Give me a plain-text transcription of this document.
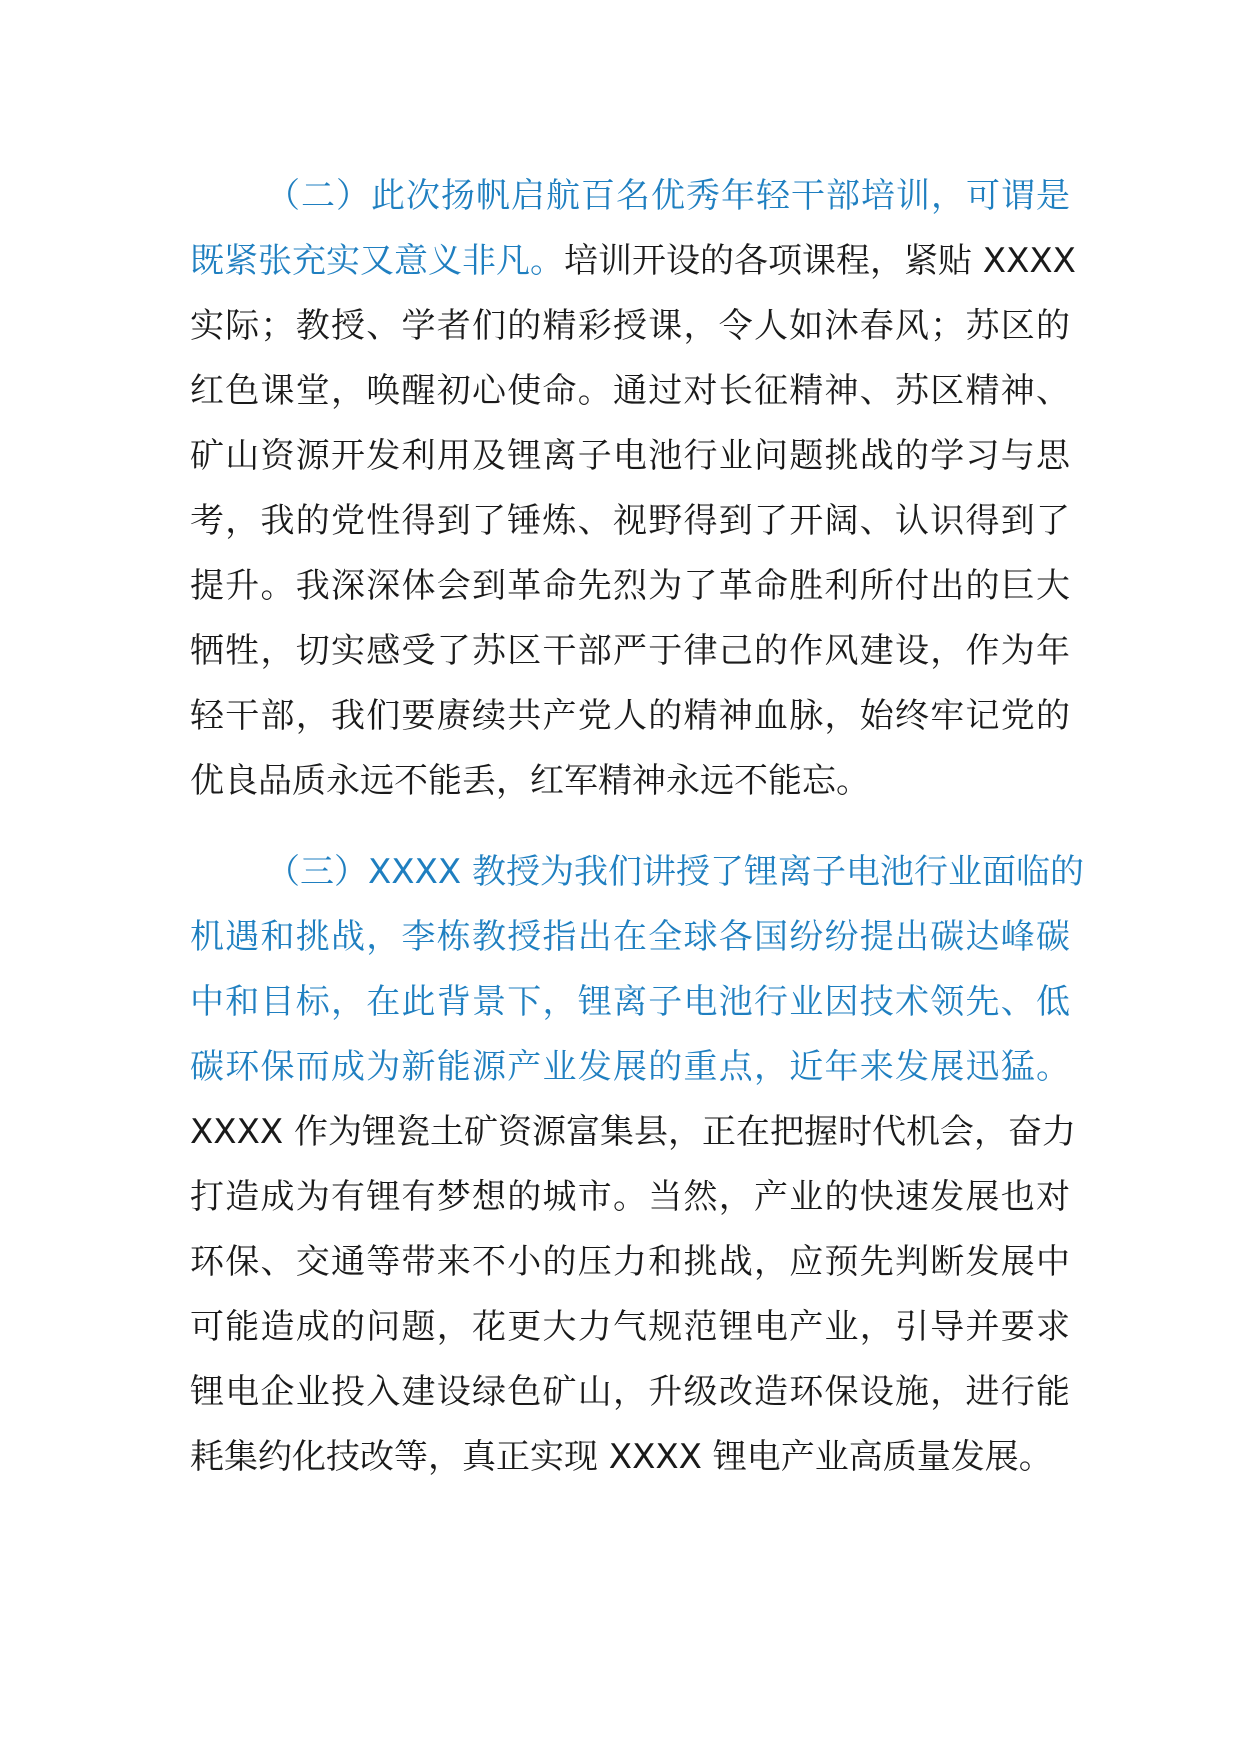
（二）此次扬帆启航百名优秀年轻干部培训，可谓是
既紧张充实又意义非凡。培训开设的各项课程，紧贴 XXXX
实际；教授、学者们的精彩授课，令人如沐春风；苏区的
红色课堂，唤醒初心使命。通过对长征精神、苏区精神、
矿山资源开发利用及锂离子电池行业问题挑战的学习与思
考，我的党性得到了锤炼、视野得到了开阔、认识得到了
提升。我深深体会到革命先烈为了革命胜利所付出的巨大
牺牲，切实感受了苏区干部严于律己的作风建设，作为年
轻干部，我们要赓续共产党人的精神血脉，始终牢记党的
优良品质永远不能丢，红军精神永远不能忘。
（三）XXXX 教授为我们讲授了锂离子电池行业面临的
机遇和挑战，李栋教授指出在全球各国纷纷提出碳达峰碳
中和目标，在此背景下，锂离子电池行业因技术领先、低
碳环保而成为新能源产业发展的重点，近年来发展迅猛。
XXXX 作为锂瓷土矿资源富集县，正在把握时代机会，奋力
打造成为有锂有梦想的城市。当然，产业的快速发展也对
环保、交通等带来不小的压力和挑战，应预先判断发展中
可能造成的问题，花更大力气规范锂电产业，引导并要求
锂电企业投入建设绿色矿山，升级改造环保设施，进行能
耗集约化技改等，真正实现 XXXX 锂电产业高质量发展。
